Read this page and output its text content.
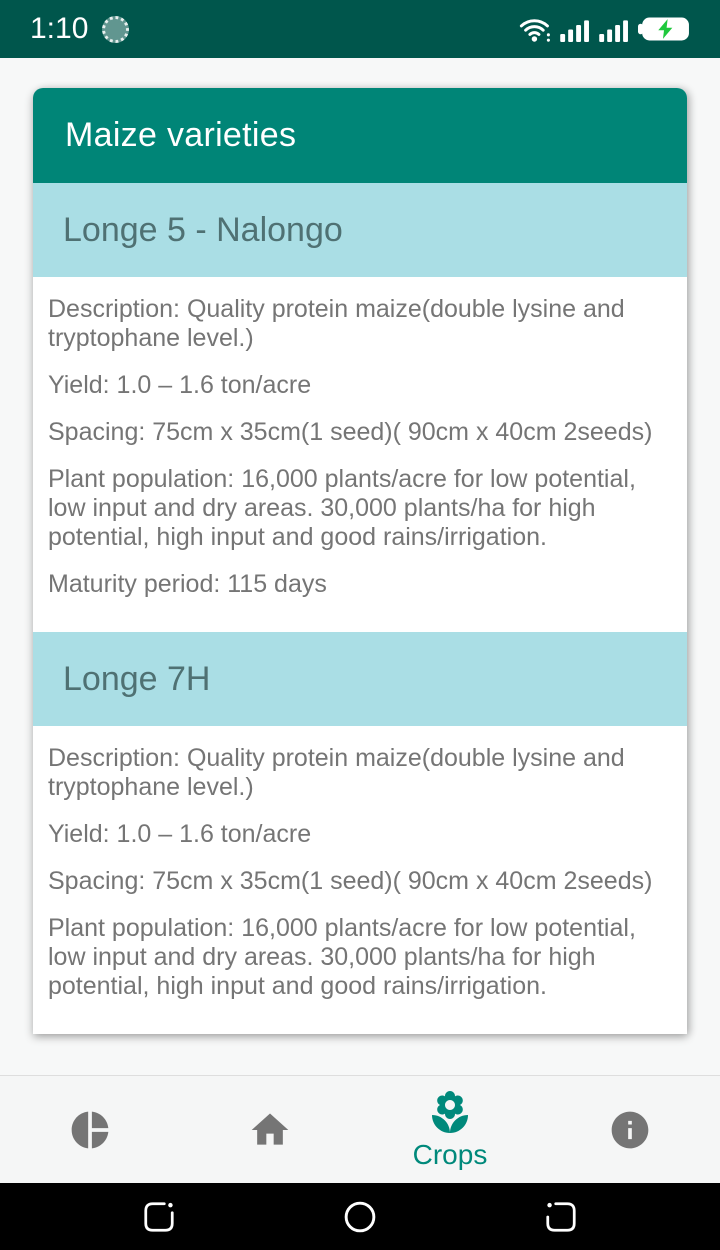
1:10
Maize varieties
Longe 5 - Nalongo

Description: Quality protein maize(double lysine and tryptophane level.)

Yield: 1.0 – 1.6 ton/acre

Spacing: 75cm x 35cm(1 seed)( 90cm x 40cm 2seeds)

Plant population: 16,000 plants/acre for low potential, low input and dry areas. 30,000 plants/ha for high potential, high input and good rains/irrigation.

Maturity period: 115 days

Longe 7H

Description: Quality protein maize(double lysine and tryptophane level.)

Yield: 1.0 – 1.6 ton/acre

Spacing: 75cm x 35cm(1 seed)( 90cm x 40cm 2seeds)

Plant population: 16,000 plants/acre for low potential, low input and dry areas. 30,000 plants/ha for high potential, high input and good rains/irrigation.

Crops
